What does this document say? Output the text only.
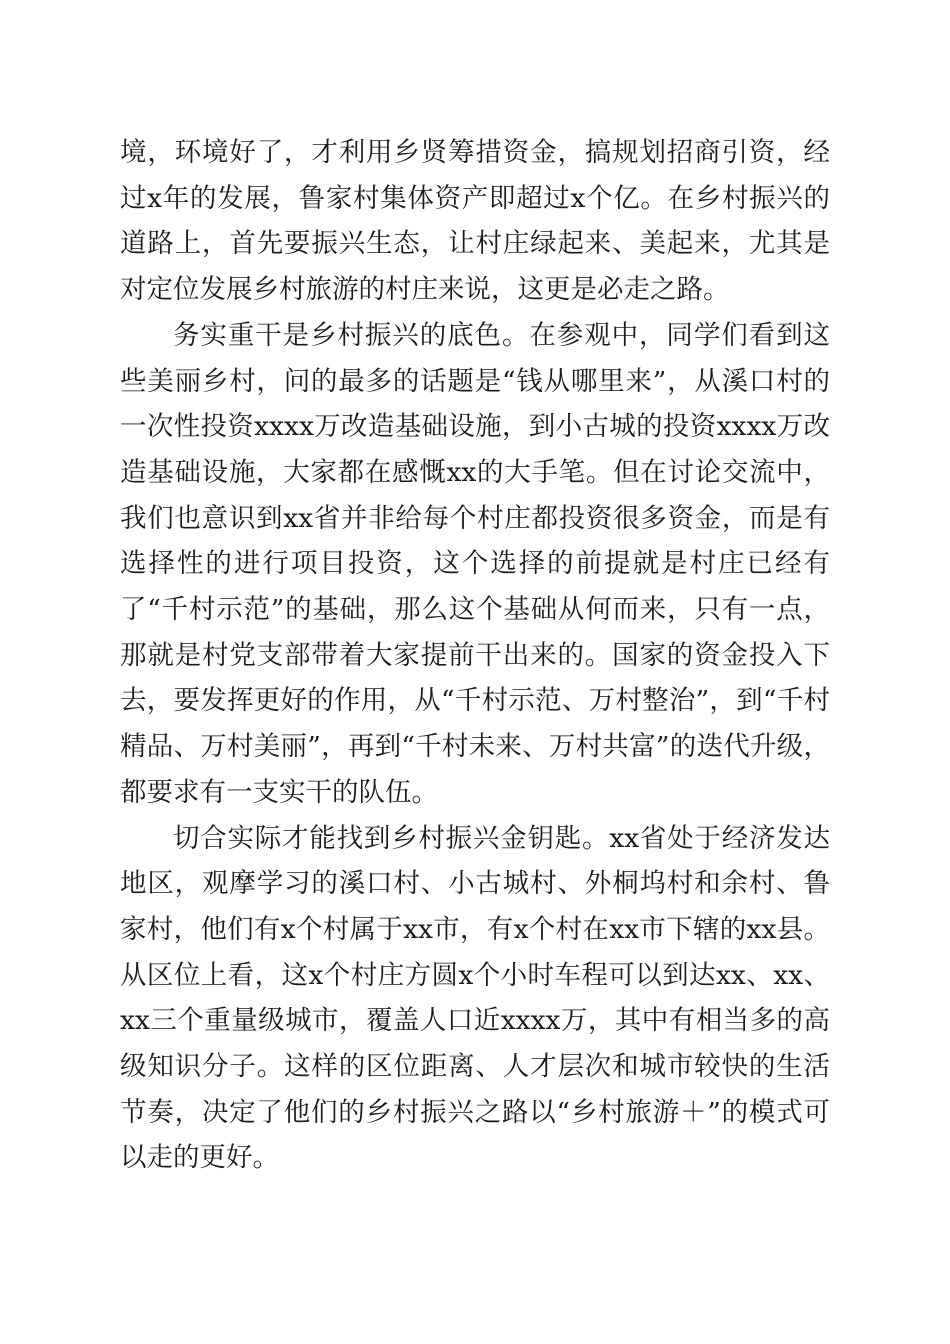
境，环境好了，才利用乡贤筹措资金，搞规划招商引资，经过x年的发展，鲁家村集体资产即超过x个亿。在乡村振兴的道路上，首先要振兴生态，让村庄绿起来、美起来，尤其是对定位发展乡村旅游的村庄来说，这更是必走之路。

务实重干是乡村振兴的底色。在参观中，同学们看到这些美丽乡村，问的最多的话题是“钱从哪里来”，从溪口村的一次性投资xxxx万改造基础设施，到小古城的投资xxxx万改造基础设施，大家都在感慨xx的大手笔。但在讨论交流中，我们也意识到xx省并非给每个村庄都投资很多资金，而是有选择性的进行项目投资，这个选择的前提就是村庄已经有了“千村示范”的基础，那么这个基础从何而来，只有一点，那就是村党支部带着大家提前干出来的。国家的资金投入下去，要发挥更好的作用，从“千村示范、万村整治”，到“千村精品、万村美丽”，再到“千村未来、万村共富”的迭代升级，都要求有一支实干的队伍。

切合实际才能找到乡村振兴金钥匙。xx省处于经济发达地区，观摩学习的溪口村、小古城村、外桐坞村和余村、鲁家村，他们有x个村属于xx市，有x个村在xx市下辖的xx县。从区位上看，这x个村庄方圆x个小时车程可以到达xx、xx、xx三个重量级城市，覆盖人口近xxxx万，其中有相当多的高级知识分子。这样的区位距离、人才层次和城市较快的生活节奏，决定了他们的乡村振兴之路以“乡村旅游＋”的模式可以走的更好。
